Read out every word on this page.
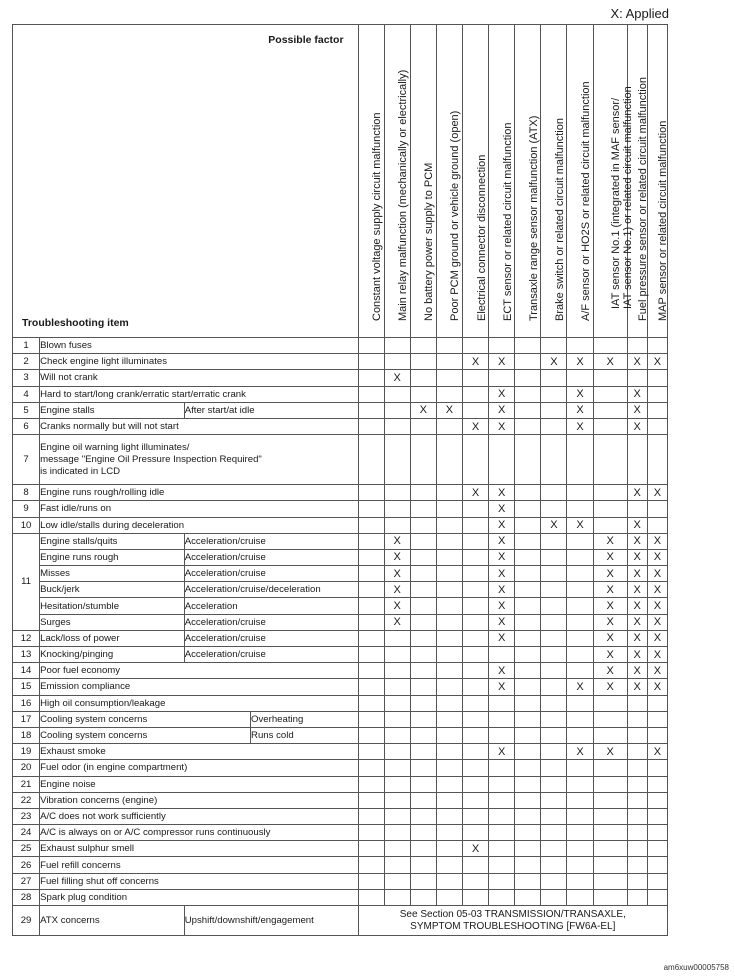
X: Applied
Possible factor
Troubleshooting item				Constant voltage supply circuit malfunction	Main relay malfunction (mechanically or electrically)	No battery power supply to PCM	Poor PCM ground or vehicle ground (open)	Electrical connector disconnection	ECT sensor or related circuit malfunction	Transaxle range sensor malfunction (ATX)	Brake switch or related circuit malfunction	A/F sensor or HO2S or related circuit malfunction	IAT sensor No.1 (integrated in MAF sensor/
IAT sensor No.1) or related circuit malfunction	Fuel pressure sensor or related circuit malfunction	MAP sensor or related circuit malfunction

1	Blown fuses														
2	Check engine light illuminates							X	X		X	X	X	X	X
3	Will not crank				X										
4	Hard to start/long crank/erratic start/erratic crank								X			X		X	
5	Engine stalls	After start/at idle				X	X		X			X		X	
6	Cranks normally but will not start							X	X			X		X	
7	Engine oil warning light illuminates/
message "Engine Oil Pressure Inspection Required"
is indicated in LCD														
8	Engine runs rough/rolling idle							X	X					X	X
9	Fast idle/runs on								X						
10	Low idle/stalls during deceleration								X		X	X		X	
11	Engine stalls/quits	Acceleration/cruise			X				X				X	X	X
	Engine runs rough	Acceleration/cruise			X				X				X	X	X
	Misses	Acceleration/cruise			X				X				X	X	X
	Buck/jerk	Acceleration/cruise/deceleration			X				X				X	X	X
	Hesitation/stumble	Acceleration			X				X				X	X	X
	Surges	Acceleration/cruise			X				X				X	X	X
12	Lack/loss of power	Acceleration/cruise							X				X	X	X
13	Knocking/pinging	Acceleration/cruise											X	X	X
14	Poor fuel economy								X				X	X	X
15	Emission compliance								X			X	X	X	X
16	High oil consumption/leakage														
17	Cooling system concerns		Overheating												
18	Cooling system concerns		Runs cold												
19	Exhaust smoke								X			X	X		X
20	Fuel odor (in engine compartment)														
21	Engine noise														
22	Vibration concerns (engine)														
23	A/C does not work sufficiently														
24	A/C is always on or A/C compressor runs continuously														
25	Exhaust sulphur smell							X							
26	Fuel refill concerns														
27	Fuel filling shut off concerns														
28	Spark plug condition														
29	ATX concerns	Upshift/downshift/engagement		See Section 05-03 TRANSMISSION/TRANSAXLE,
SYMPTOM TROUBLESHOOTING [FW6A-EL]											
am6xuw00005758
